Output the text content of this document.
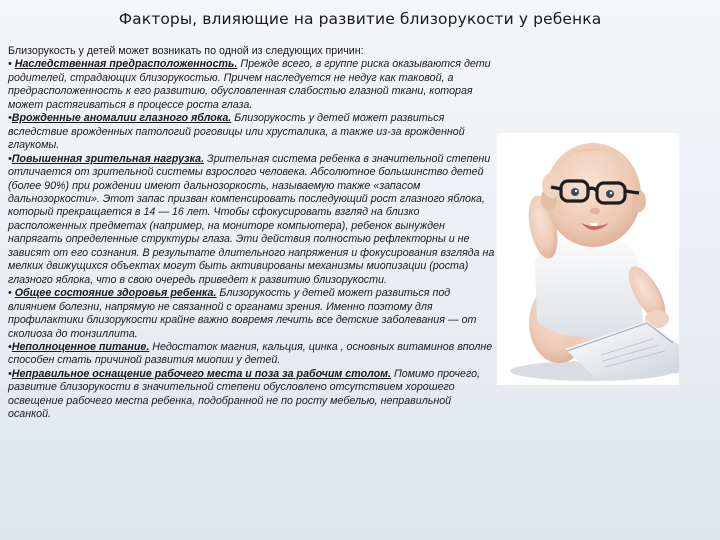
Факторы, влияющие на развитие близорукости у ребенка

Близорукость у детей может возникать по одной из следующих причин:

• Наследственная предрасположенность. Прежде всего, в группе риска оказываются дети родителей, страдающих близорукостью. Причем наследуется не недуг как таковой, а предрасположенность к его развитию, обусловленная слабостью глазной ткани, которая может растягиваться в процессе роста глаза.

•Врожденные аномалии глазного яблока. Близорукость у детей может развиться вследствие врожденных патологий роговицы или хрусталика, а также из-за врожденной глаукомы.

•Повышенная зрительная нагрузка. Зрительная система ребенка в значительной степени отличается от зрительной системы взрослого человека. Абсолютное большинство детей (более 90%) при рождении имеют дальнозоркость, называемую также «запасом дальнозоркости». Этот запас призван компенсировать последующий рост глазного яблока, который прекращается в 14 — 16 лет. Чтобы сфокусировать взгляд на близко расположенных предметах (например, на мониторе компьютера), ребенок вынужден напрягать определенные структуры глаза. Эти действия полностью рефлекторны и не зависят от его сознания. В результате длительного напряжения и фокусирования взгляда на мелких движущихся объектах могут быть активированы механизмы миопизации (роста) глазного яблока, что в свою очередь приведет к развитию близорукости.

• Общее состояние здоровья ребенка. Близорукость у детей может развиться под влиянием болезни, напрямую не связанной с органами зрения. Именно поэтому для профилактики близорукости крайне важно вовремя лечить все детские заболевания — от сколиоза до тонзиллита.

•Неполноценное питание. Недостаток магния, кальция, цинка , основных витаминов вполне способен стать причиной развития миопии у детей.

•Неправильное оснащение рабочего места и поза за рабочим столом. Помимо прочего, развитие близорукости в значительной степени обусловлено отсутствием хорошего освещение рабочего места ребенка, подобранной не по росту мебелью, неправильной осанкой.
